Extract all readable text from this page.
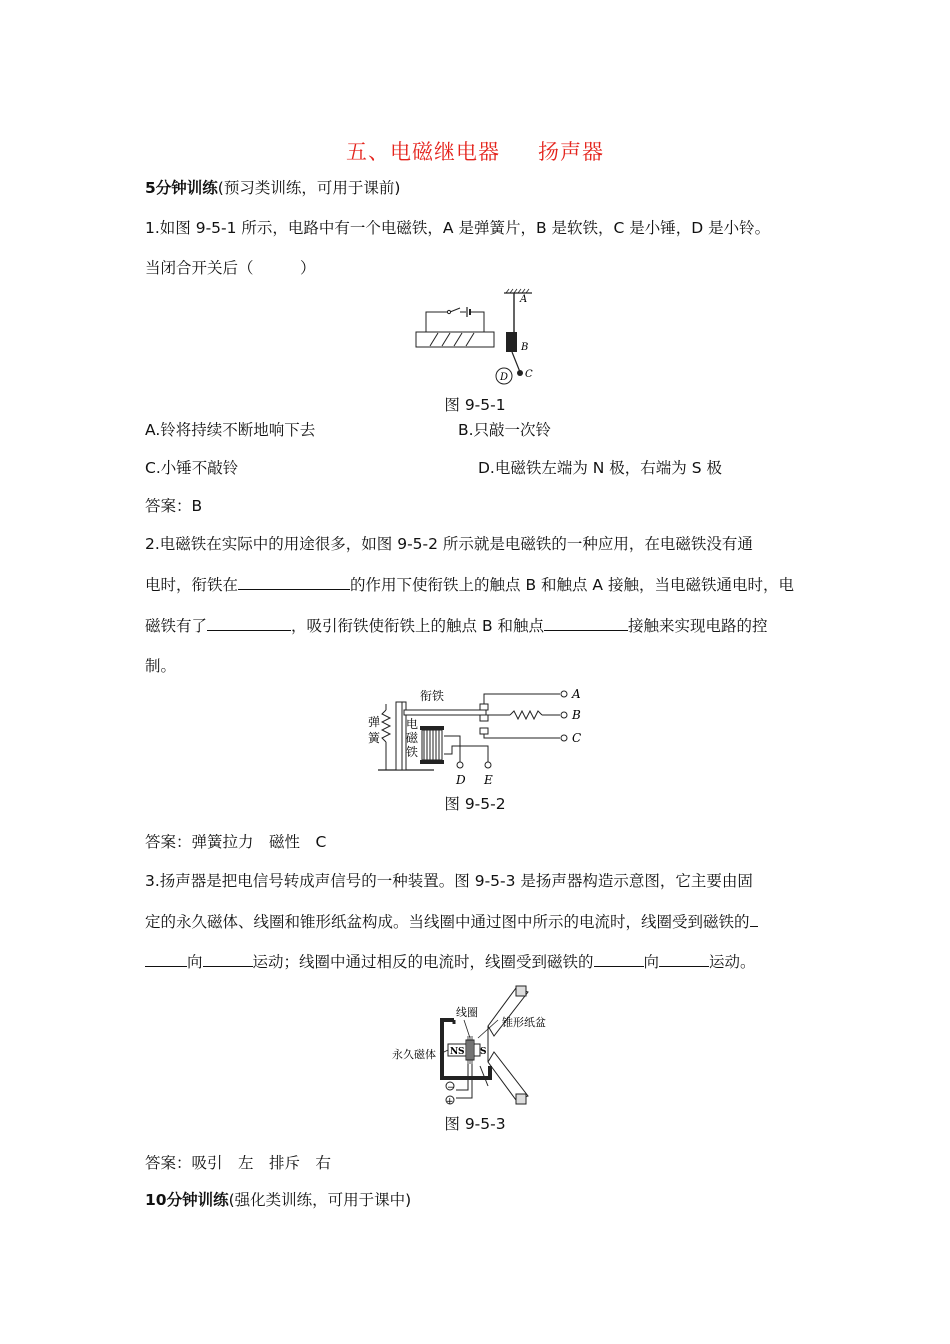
五、电磁继电器 扬声器
5分钟训练(预习类训练，可用于课前)
1.如图 9-5-1 所示，电路中有一个电磁铁，A 是弹簧片，B 是软铁，C 是小锤，D 是小铃。
当闭合开关后（　　　）
A
B
C
D
图 9-5-1
A.铃将持续不断地响下去	B.只敲一次铃
C.小锤不敲铃	D.电磁铁左端为 N 极，右端为 S 极
答案：B
2.电磁铁在实际中的用途很多，如图 9-5-2 所示就是电磁铁的一种应用，在电磁铁没有通
电时，衔铁在	的作用下使衔铁上的触点 B 和触点 A 接触，当电磁铁通电时，电
磁铁有了	，吸引衔铁使衔铁上的触点 B 和触点	接触来实现电路的控
制。
衔铁
弹
簧
电
磁
铁
A
B
C
D E
图 9-5-2
答案：弹簧拉力　磁性　C
3.扬声器是把电信号转成声信号的一种装置。图 9-5-3 是扬声器构造示意图，它主要由固
定的永久磁体、线圈和锥形纸盆构成。当线圈中通过图中所示的电流时，线圈受到磁铁的
向	运动；线圈中通过相反的电流时，线圈受到磁铁的	向	运动。
线圈
锥形纸盆
永久磁体 N S S
−
+
图 9-5-3
答案：吸引　左　排斥　右
10分钟训练(强化类训练，可用于课中)
